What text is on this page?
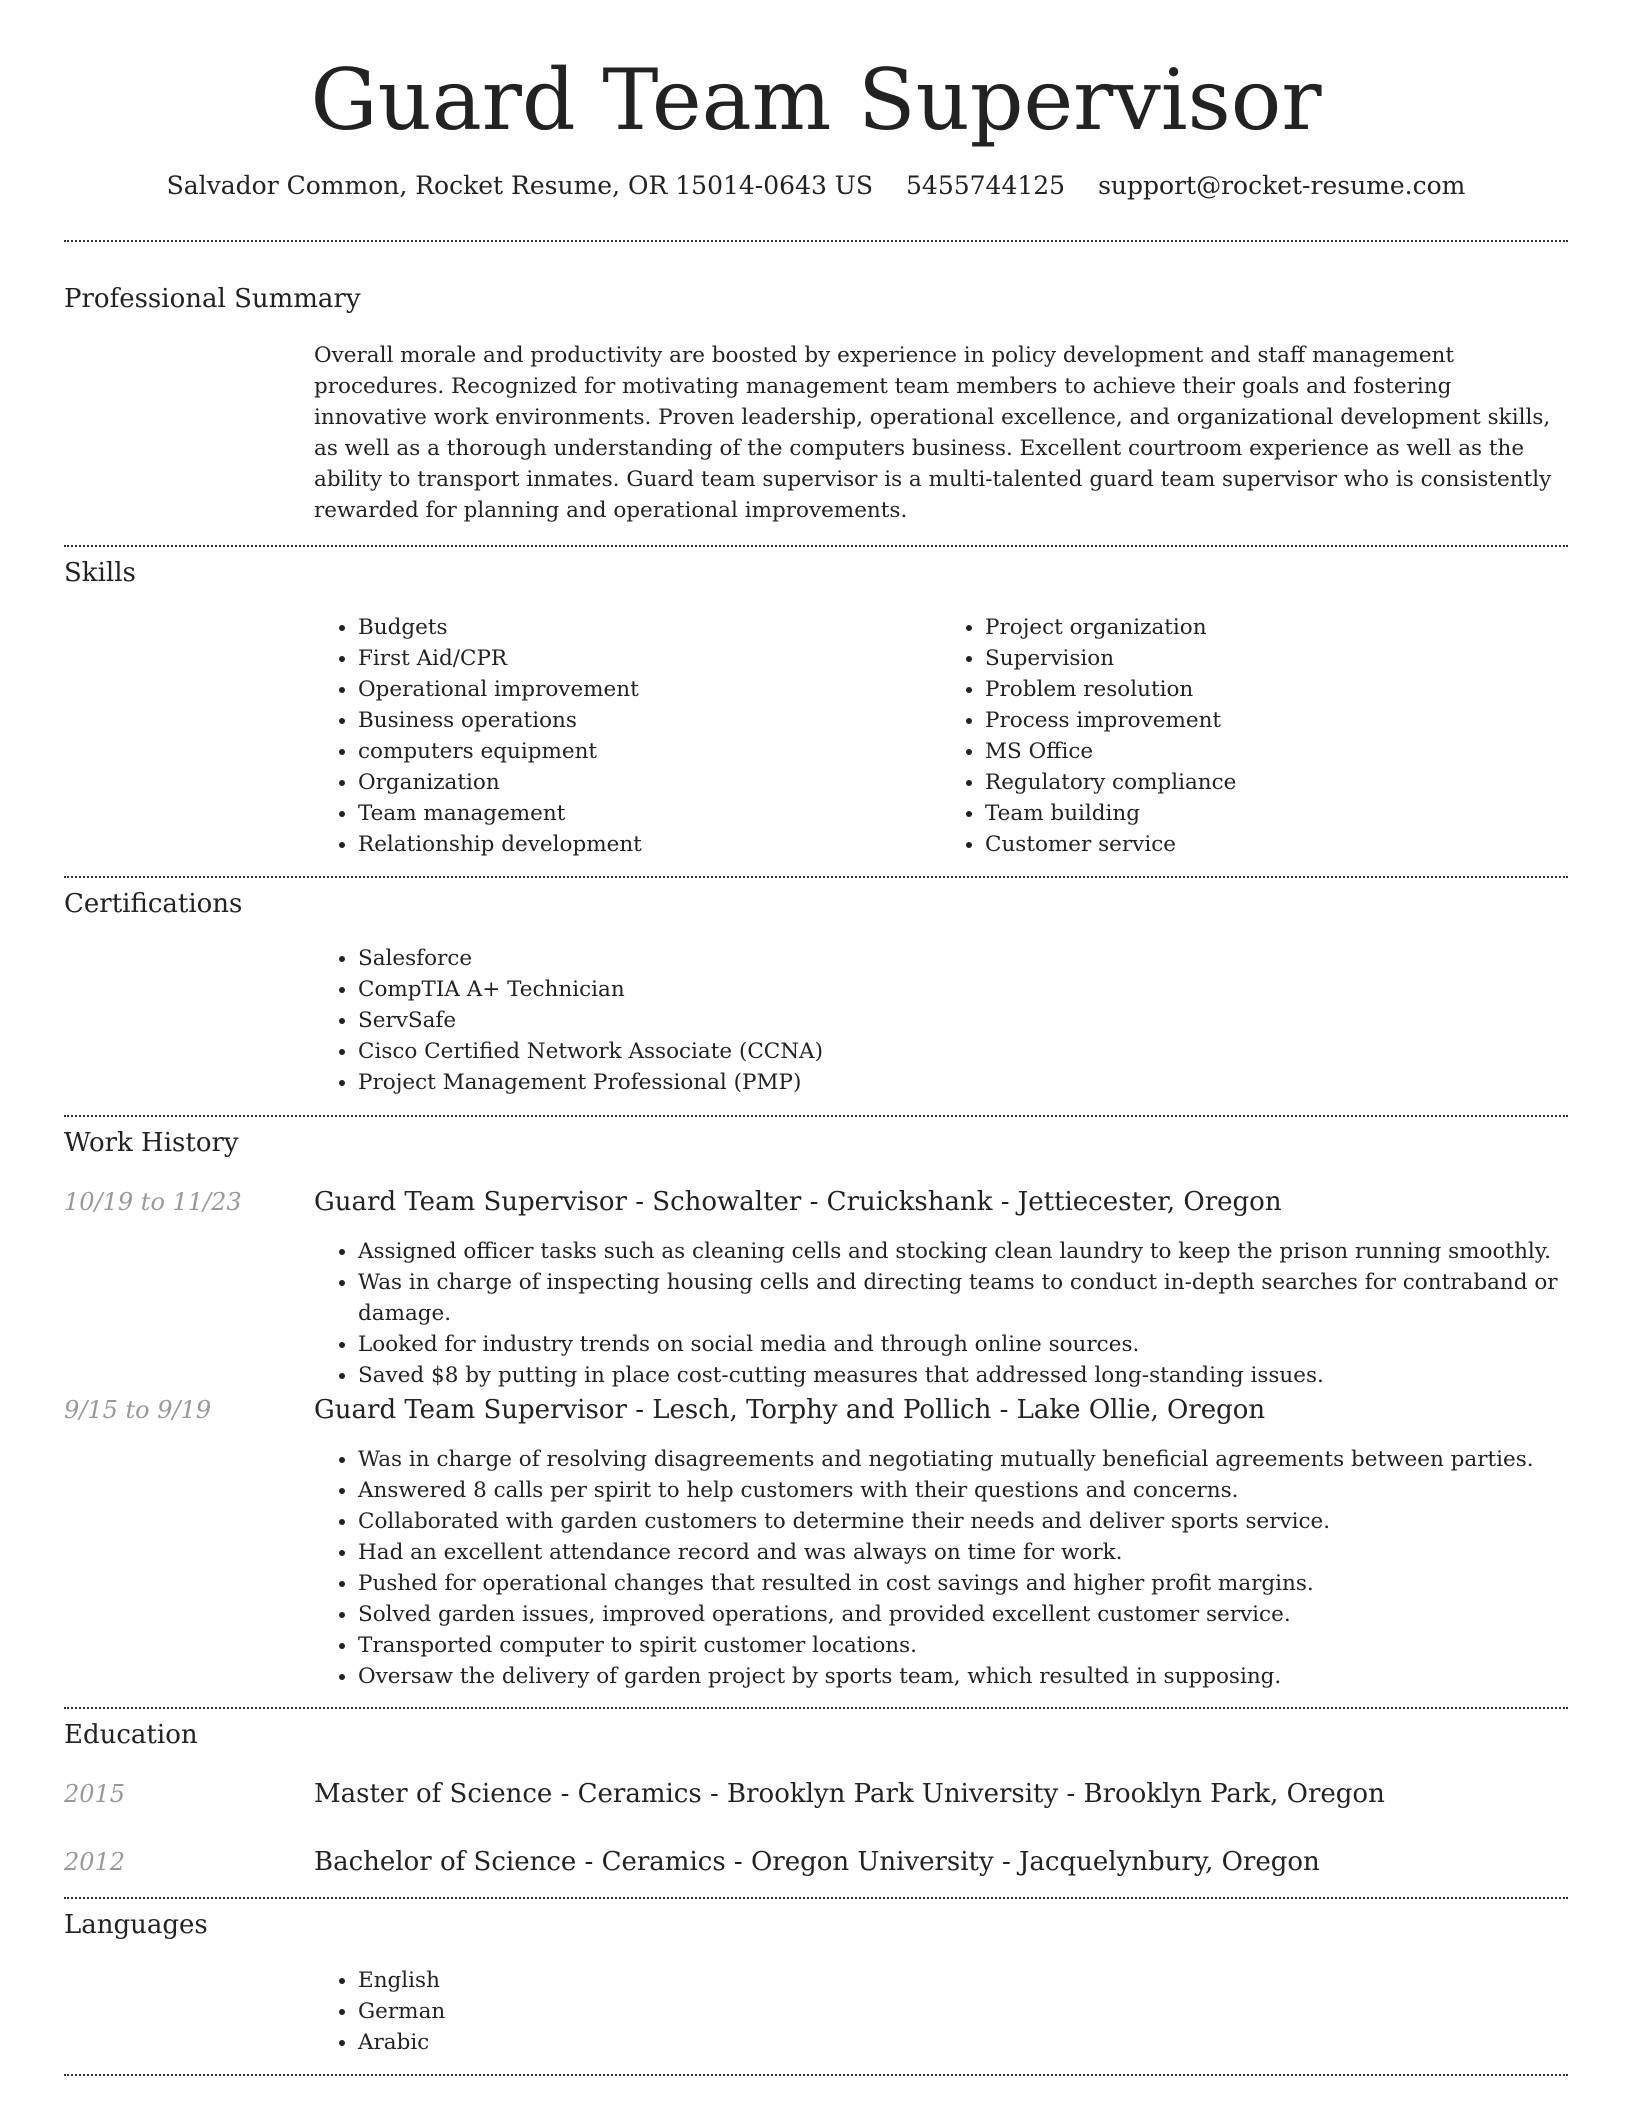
Guard Team Supervisor
Salvador Common, Rocket Resume, OR 15014-0643 US 5455744125 support@rocket-resume.com
Professional Summary
Overall morale and productivity are boosted by experience in policy development and staff management procedures. Recognized for motivating management team members to achieve their goals and fostering innovative work environments. Proven leadership, operational excellence, and organizational development skills, as well as a thorough understanding of the computers business. Excellent courtroom experience as well as the ability to transport inmates. Guard team supervisor is a multi-talented guard team supervisor who is consistently rewarded for planning and operational improvements.
Skills
• Budgets
• First Aid/CPR
• Operational improvement
• Business operations
• computers equipment
• Organization
• Team management
• Relationship development
• Project organization
• Supervision
• Problem resolution
• Process improvement
• MS Office
• Regulatory compliance
• Team building
• Customer service
Certifications
• Salesforce
• CompTIA A+ Technician
• ServSafe
• Cisco Certified Network Associate (CCNA)
• Project Management Professional (PMP)
Work History
10/19 to 11/23	Guard Team Supervisor - Schowalter - Cruickshank - Jettiecester, Oregon
• Assigned officer tasks such as cleaning cells and stocking clean laundry to keep the prison running smoothly.
• Was in charge of inspecting housing cells and directing teams to conduct in-depth searches for contraband or damage.
• Looked for industry trends on social media and through online sources.
• Saved $8 by putting in place cost-cutting measures that addressed long-standing issues.
9/15 to 9/19	Guard Team Supervisor - Lesch, Torphy and Pollich - Lake Ollie, Oregon
• Was in charge of resolving disagreements and negotiating mutually beneficial agreements between parties.
• Answered 8 calls per spirit to help customers with their questions and concerns.
• Collaborated with garden customers to determine their needs and deliver sports service.
• Had an excellent attendance record and was always on time for work.
• Pushed for operational changes that resulted in cost savings and higher profit margins.
• Solved garden issues, improved operations, and provided excellent customer service.
• Transported computer to spirit customer locations.
• Oversaw the delivery of garden project by sports team, which resulted in supposing.
Education
2015	Master of Science - Ceramics - Brooklyn Park University - Brooklyn Park, Oregon
2012	Bachelor of Science - Ceramics - Oregon University - Jacquelynbury, Oregon
Languages
• English
• German
• Arabic
